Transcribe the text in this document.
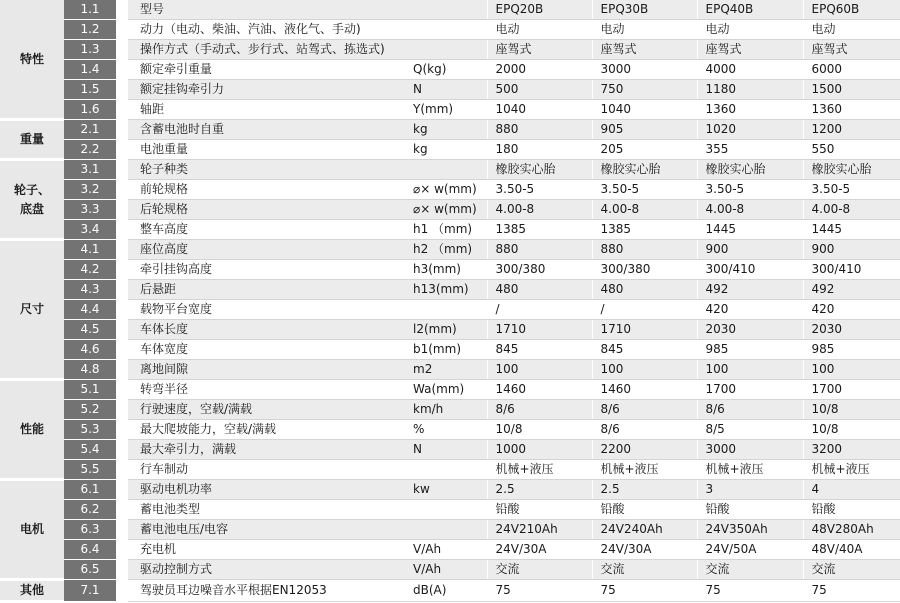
特性	1.1		型号		EPQ20B	EPQ30B	EPQ40B	EPQ60B
	1.2		动力（电动、柴油、汽油、液化气、手动)		电动	电动	电动	电动
	1.3		操作方式（手动式、步行式、站驾式、拣选式)		座驾式	座驾式	座驾式	座驾式
	1.4		额定牵引重量	Q(kg)	2000	3000	4000	6000
	1.5		额定挂钩牵引力	N	500	750	1180	1500
	1.6		轴距	Y(mm)	1040	1040	1360	1360
重量	2.1		含蓄电池时自重	kg	880	905	1020	1200
	2.2		电池重量	kg	180	205	355	550
轮子、
底盘	3.1		轮子种类		橡胶实心胎	橡胶实心胎	橡胶实心胎	橡胶实心胎
	3.2		前轮规格	⌀× w(mm)	3.50-5	3.50-5	3.50-5	3.50-5
	3.3		后轮规格	⌀× w(mm)	4.00-8	4.00-8	4.00-8	4.00-8
	3.4		整车高度	h1 （mm)	1385	1385	1445	1445
尺寸	4.1		座位高度	h2 （mm)	880	880	900	900
	4.2		牵引挂钩高度	h3(mm)	300/380	300/380	300/410	300/410
	4.3		后悬距	h13(mm)	480	480	492	492
	4.4		载物平台宽度		/	/	420	420
	4.5		车体长度	l2(mm)	1710	1710	2030	2030
	4.6		车体宽度	b1(mm)	845	845	985	985
	4.8		离地间隙	m2	100	100	100	100
性能	5.1		转弯半径	Wa(mm)	1460	1460	1700	1700
	5.2		行驶速度，空载/满载	km/h	8/6	8/6	8/6	10/8
	5.3		最大爬坡能力，空载/满载	%	10/8	8/6	8/5	10/8
	5.4		最大牵引力，满载	N	1000	2200	3000	3200
	5.5		行车制动		机械+液压	机械+液压	机械+液压	机械+液压
电机	6.1		驱动电机功率	kw	2.5	2.5	3	4
	6.2		蓄电池类型		铅酸	铅酸	铅酸	铅酸
	6.3		蓄电池电压/电容		24V210Ah	24V240Ah	24V350Ah	48V280Ah
	6.4		充电机	V/Ah	24V/30A	24V/30A	24V/50A	48V/40A
	6.5		驱动控制方式	V/Ah	交流	交流	交流	交流
其他	7.1		驾驶员耳边噪音水平根据EN12053	dB(A)	75	75	75	75
